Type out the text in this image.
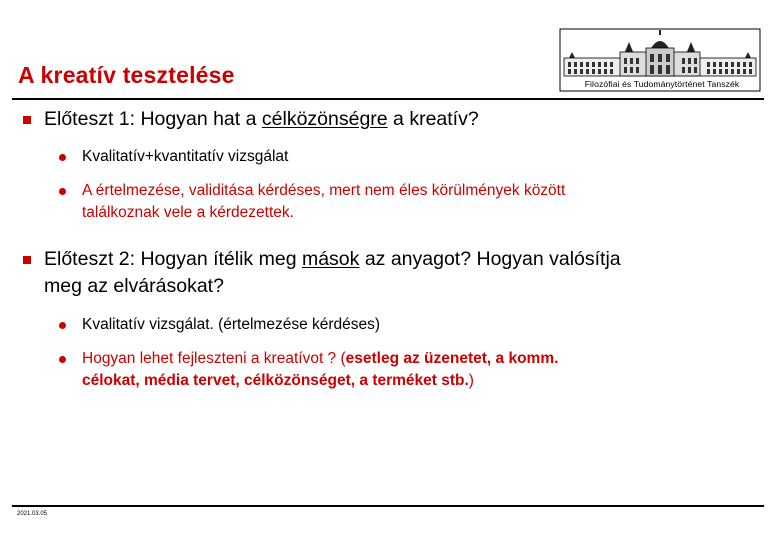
Filozófiai és Tudománytörténet Tanszék
A kreatív tesztelése
Előteszt 1: Hogyan hat a célközönségre a kreatív?
Kvalitatív+kvantitatív vizsgálat
A értelmezése, validitása kérdéses, mert nem éles körülmények között
találkoznak vele a kérdezettek.
Előteszt 2: Hogyan ítélik meg mások az anyagot? Hogyan valósítja
meg az elvárásokat?
Kvalitatív vizsgálat. (értelmezése kérdéses)
Hogyan lehet fejleszteni a kreatívot ? (esetleg az üzenetet, a komm.
célokat, média tervet, célközönséget, a terméket stb.)
2021.03.05
